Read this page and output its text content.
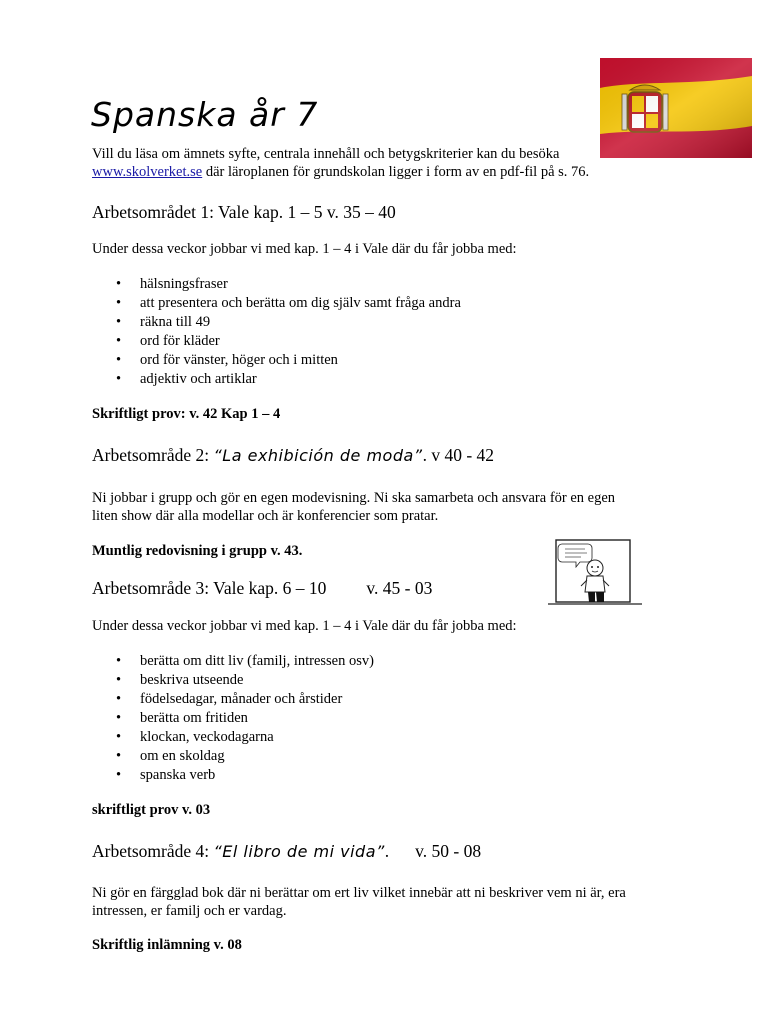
Spanska år 7

Vill du läsa om ämnets syfte, centrala innehåll och betygskriterier kan du besöka
www.skolverket.se där läroplanen för grundskolan ligger i form av en pdf-fil på s. 76.

Arbetsområdet 1: Vale kap. 1 – 5 v. 35 – 40

Under dessa veckor jobbar vi med kap. 1 – 4 i Vale där du får jobba med:

• hälsningsfraser
• att presentera och berätta om dig själv samt fråga andra
• räkna till 49
• ord för kläder
• ord för vänster, höger och i mitten
• adjektiv och artiklar

Skriftligt prov: v. 42 Kap 1 – 4

Arbetsområde 2: “La exhibición de moda”. v 40 - 42

Ni jobbar i grupp och gör en egen modevisning. Ni ska samarbeta och ansvara för en egen
liten show där alla modellar och är konferencier som pratar.

Muntlig redovisning i grupp v. 43.

Arbetsområde 3: Vale kap. 6 – 10 v. 45 - 03

Under dessa veckor jobbar vi med kap. 1 – 4 i Vale där du får jobba med:

• berätta om ditt liv (familj, intressen osv)
• beskriva utseende
• födelsedagar, månader och årstider
• berätta om fritiden
• klockan, veckodagarna
• om en skoldag
• spanska verb

skriftligt prov v. 03

Arbetsområde 4: “El libro de mi vida”. v. 50 - 08

Ni gör en färgglad bok där ni berättar om ert liv vilket innebär att ni beskriver vem ni är, era
intressen, er familj och er vardag.

Skriftlig inlämning v. 08
